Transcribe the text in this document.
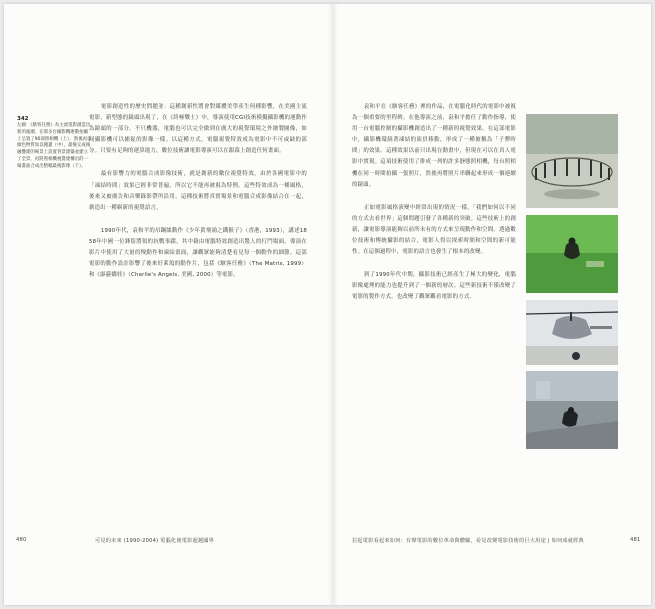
342
左圖：《駭客任務》為主流電影創造出新的風潮，在那多台攝影機連動拍攝上呈置了90部照相機（上），然後再以綠色物質加以掩蓋（中），最後完成後融疊建的場景上設置背景建築並建立了全景，再將照相機視覺建構出的一場畫面合成出整幅最後影像（下）。

電影創造性的歷史問題並：這種創新性將會對媒體美學產生何種影響，在美國主流電影，新型態的鏡頭出現了，在《終極戰士》中，導演使用CGI技術模擬攝影機的運動作為鏡頭的一部分。不只機器，電腦也可以完全做到在廣大的視覺環境之外繪製圖像，如同攝影機可以捕捉的影像一樣。以這種方式，電腦視覺特效成為電影中不可或缺的部分。只要有足夠的運算能力，數位技術讓電影導演可以在銀幕上創造任何畫面。

最有影響力的電腦合成影像技術，就是創新的數位視覺特效。由於各國電影中的「凍結時間」效果已經非常普遍，所以它不能再被視為特例。這些特效成為一種風格，後來又被廣告和音樂錄影帶所沿用。這種技術將真實場景和電腦合成影像結合在一起，創造出一種嶄新的視覺語言。

1990年代，袁和平的吊鋼絲動作《少年黃飛鴻之鐵猴子》（香港，1993），講述1858年中國一位鋒盜將領的抗戰事蹟，其中藉由電腦特效創造出驚人的打鬥場面。導演在影片中使用了大量的慢動作和凍結畫面，讓觀眾能夠清楚看見每一個動作的細節。這部電影的動作設計影響了後來好萊塢的動作片，包括《駭客任務》（The Matrix, 1999）和《霹靂嬌娃》（Charlie's Angels, 美國, 2000）等電影。

480	可見的未來 (1990-2004) 電腦化使電影超越國界

袁和平在《駭客任務》裡的作品，在電腦化時代的電影中被視為一個重要的里程碑。在他導演之前，袁和平擔任了動作指導，使用一台電腦控制的攝影機創造出了一種新的視覺效果。在這部電影中，攝影機環繞著凍結的演員移動，形成了一種被稱為「子彈時間」的效果。這種效果以前只出現在動畫中，但現在可以在真人電影中實現。這項技術使用了排成一列的許多靜態照相機，每台照相機在同一時間拍攝一張照片，然後再將照片串聯起來形成一個連續的鏡頭。

正如電影風格演變中經常出現的情況一樣，「我們如何以不同的方式去看世界」這個問題引發了各種新的突破。這些技術上的創新，讓電影導演能夠以前所未有的方式來呈現動作和空間。透過數位技術和傳統攝影的結合，電影人得以探索時間和空間的新可能性。在這個過程中，電影的語言也發生了根本的改變。

到了1990年代中期，攝影技術已經產生了極大的變化，電腦影像處理的能力也提升到了一個新的層次。這些新技術不僅改變了電影的製作方式，也改變了觀眾觀看電影的方式。

拉起電影看起來如何：有聲電影的數位革命與體驗，看見改變電影技術的巨大用途 | 如何成就經典	481
